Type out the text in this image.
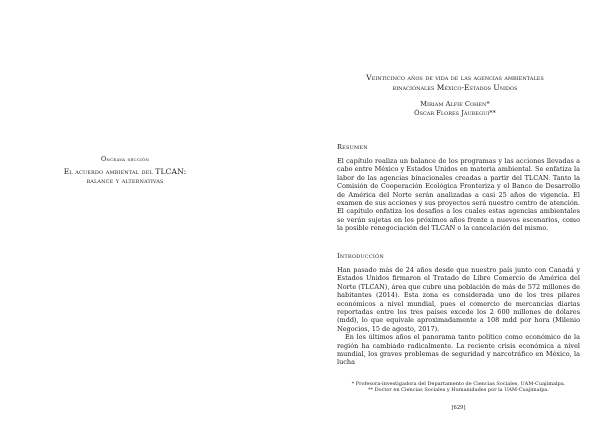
Onceava sección
El acuerdo ambiental del TLCAN:
balance y alternativas
Veinticinco años de vida de las agencias ambientales
binacionales México-Estados Unidos
Miriam Alfie Cohen*
Óscar Flores Jáuregui**
Resumen

El capítulo realiza un balance de los programas y las acciones llevadas a cabo entre México y Estados Unidos en materia ambiental. Se enfatiza la labor de las agencias binacionales creadas a partir del TLCAN. Tanto la Comisión de Cooperación Ecológica Fronteriza y el Banco de Desarrollo de América del Norte serán analizadas a casi 25 años de vigencia. El examen de sus acciones y sus proyectos será nuestro centro de atención. El capítulo enfatiza los desafíos a los cuales estas agencias ambientales se verán sujetas en los próximos años frente a nuevos escenarios, como la posible renegociación del TLCAN o la cancelación del mismo.

Introducción

Han pasado más de 24 años desde que nuestro país junto con Canadá y Estados Unidos firmaron el Tratado de Libre Comercio de América del Norte (TLCAN), área que cubre una población de más de 572 millones de habitantes (2014). Esta zona es considerada uno de los tres pilares económicos a nivel mundial, pues el comercio de mercancías diarias reportadas entre los tres países excede los 2 600 millones de dólares (mdd), lo que equivale aproximadamente a 108 mdd por hora (Milenio Negocios, 15 de agosto, 2017).

En los últimos años el panorama tanto político como económico de la región ha cambiado radicalmente. La reciente crisis económica a nivel mundial, los graves problemas de seguridad y narcotráfico en México, la lucha

* Profesora-investigadora del Departamento de Ciencias Sociales, UAM-Cuajimalpa.
** Doctor en Ciencias Sociales y Humanidades por la UAM-Cuajimalpa.
[629]
